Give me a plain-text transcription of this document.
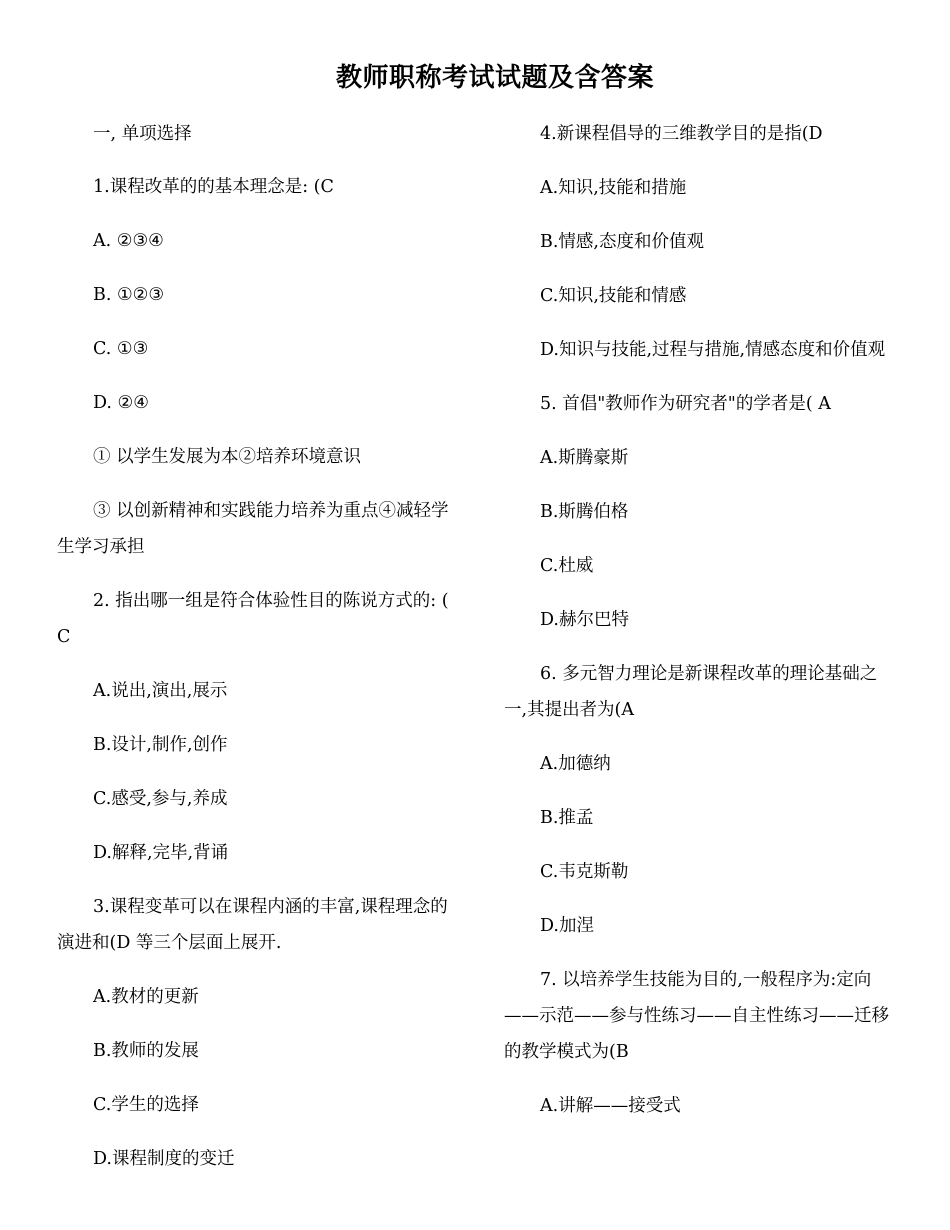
教师职称考试试题及含答案

一, 单项选择

1.课程改革的的基本理念是: (C

A. ②③④

B. ①②③

C. ①③

D. ②④

① 以学生发展为本②培养环境意识

③ 以创新精神和实践能力培养为重点④减轻学生学习承担

2. 指出哪一组是符合体验性目的陈说方式的: ( C

A.说出,演出,展示

B.设计,制作,创作

C.感受,参与,养成

D.解释,完毕,背诵

3.课程变革可以在课程内涵的丰富,课程理念的演进和(D 等三个层面上展开.

A.教材的更新

B.教师的发展

C.学生的选择

D.课程制度的变迁

4.新课程倡导的三维教学目的是指(D

A.知识,技能和措施

B.情感,态度和价值观

C.知识,技能和情感

D.知识与技能,过程与措施,情感态度和价值观

5. 首倡"教师作为研究者"的学者是( A

A.斯腾豪斯

B.斯腾伯格

C.杜威

D.赫尔巴特

6. 多元智力理论是新课程改革的理论基础之一,其提出者为(A

A.加德纳

B.推孟

C.韦克斯勒

D.加涅

7. 以培养学生技能为目的,一般程序为:定向——示范——参与性练习——自主性练习——迁移的教学模式为(B

A.讲解——接受式
